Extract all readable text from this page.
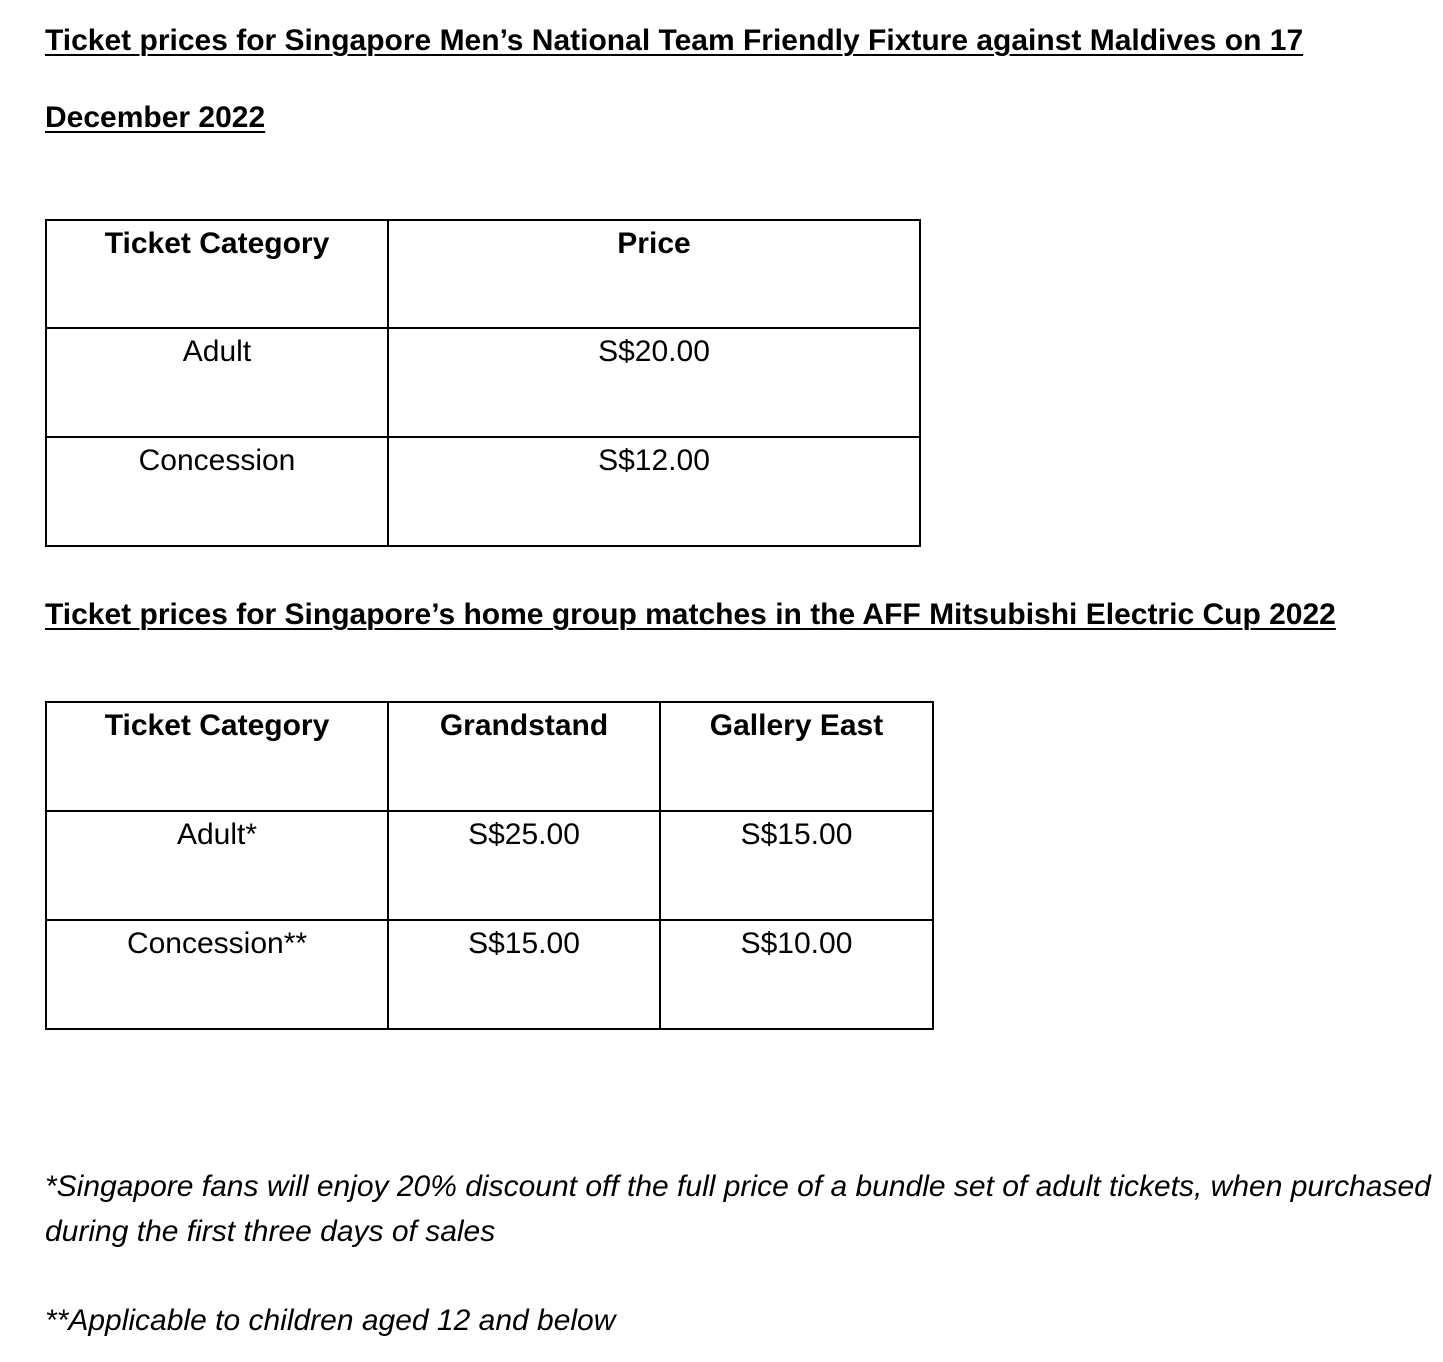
Ticket prices for Singapore Men’s National Team Friendly Fixture against Maldives on 17

December 2022

Ticket Category	Price
Adult	S$20.00
Concession	S$12.00

Ticket prices for Singapore’s home group matches in the AFF Mitsubishi Electric Cup 2022

Ticket Category	Grandstand	Gallery East
Adult*	S$25.00	S$15.00
Concession**	S$15.00	S$10.00

*Singapore fans will enjoy 20% discount off the full price of a bundle set of adult tickets, when purchased during the first three days of sales

**Applicable to children aged 12 and below
